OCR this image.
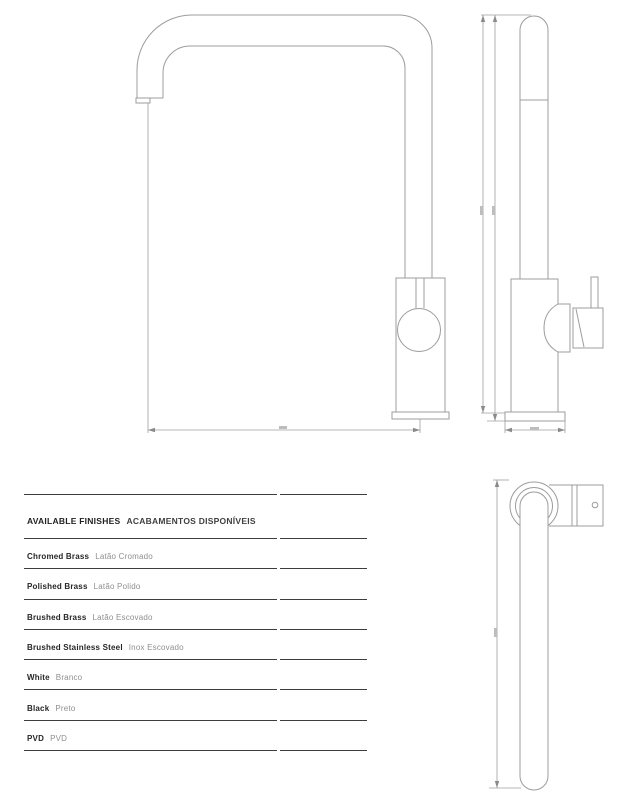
AVAILABLE FINISHES ACABAMENTOS DISPONÍVEIS
Chromed Brass Latão Cromado
Polished Brass Latão Polido
Brushed Brass Latão Escovado
Brushed Stainless Steel Inox Escovado
White Branco
Black Preto
PVD PVD
